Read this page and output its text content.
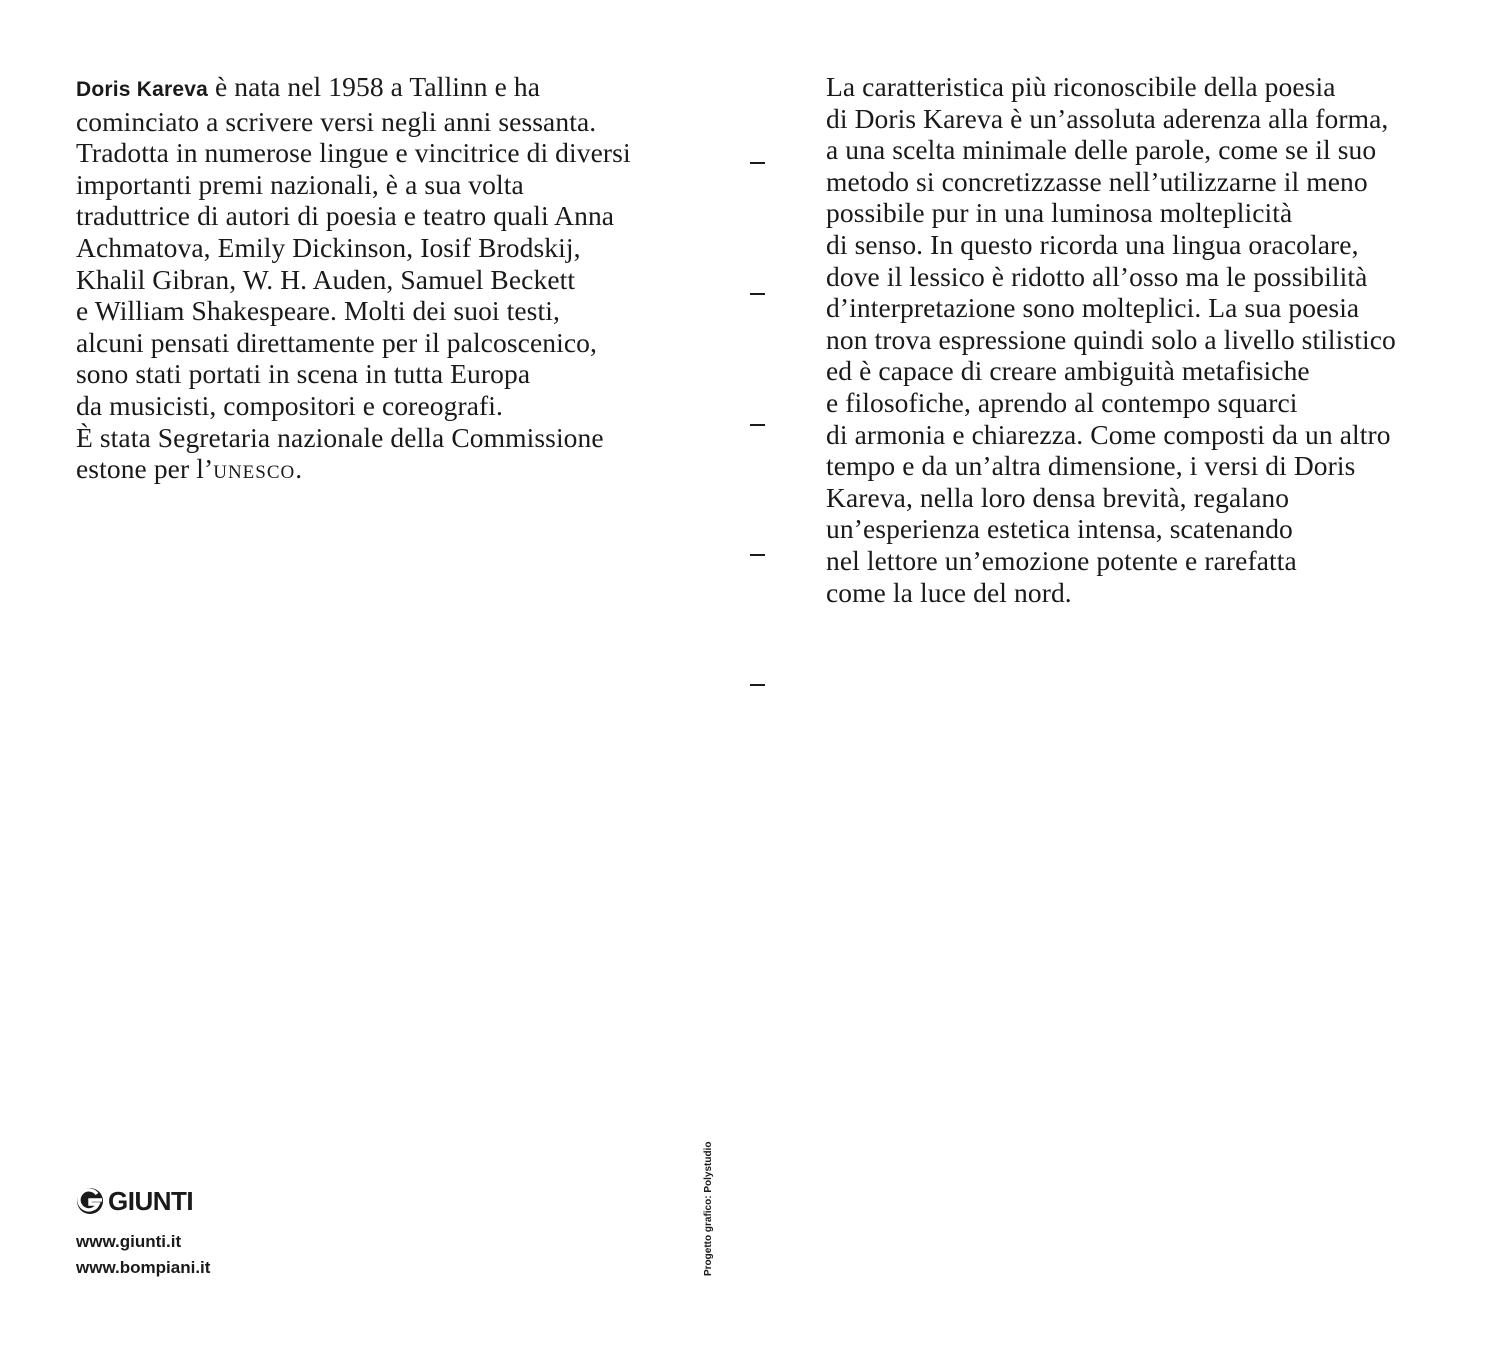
Doris Kareva è nata nel 1958 a Tallinn e ha
cominciato a scrivere versi negli anni sessanta.
Tradotta in numerose lingue e vincitrice di diversi
importanti premi nazionali, è a sua volta
traduttrice di autori di poesia e teatro quali Anna
Achmatova, Emily Dickinson, Iosif Brodskij,
Khalil Gibran, W. H. Auden, Samuel Beckett
e William Shakespeare. Molti dei suoi testi,
alcuni pensati direttamente per il palcoscenico,
sono stati portati in scena in tutta Europa
da musicisti, compositori e coreografi.
È stata Segretaria nazionale della Commissione
estone per l’UNESCO.

GIUNTI
www.giunti.it
www.bompiani.it	Progetto grafico: Polystudio

La caratteristica più riconoscibile della poesia
di Doris Kareva è un’assoluta aderenza alla forma,
a una scelta minimale delle parole, come se il suo
metodo si concretizzasse nell’utilizzarne il meno
possibile pur in una luminosa molteplicità
di senso. In questo ricorda una lingua oracolare,
dove il lessico è ridotto all’osso ma le possibilità
d’interpretazione sono molteplici. La sua poesia
non trova espressione quindi solo a livello stilistico
ed è capace di creare ambiguità metafisiche
e filosofiche, aprendo al contempo squarci
di armonia e chiarezza. Come composti da un altro
tempo e da un’altra dimensione, i versi di Doris
Kareva, nella loro densa brevità, regalano
un’esperienza estetica intensa, scatenando
nel lettore un’emozione potente e rarefatta
come la luce del nord.
